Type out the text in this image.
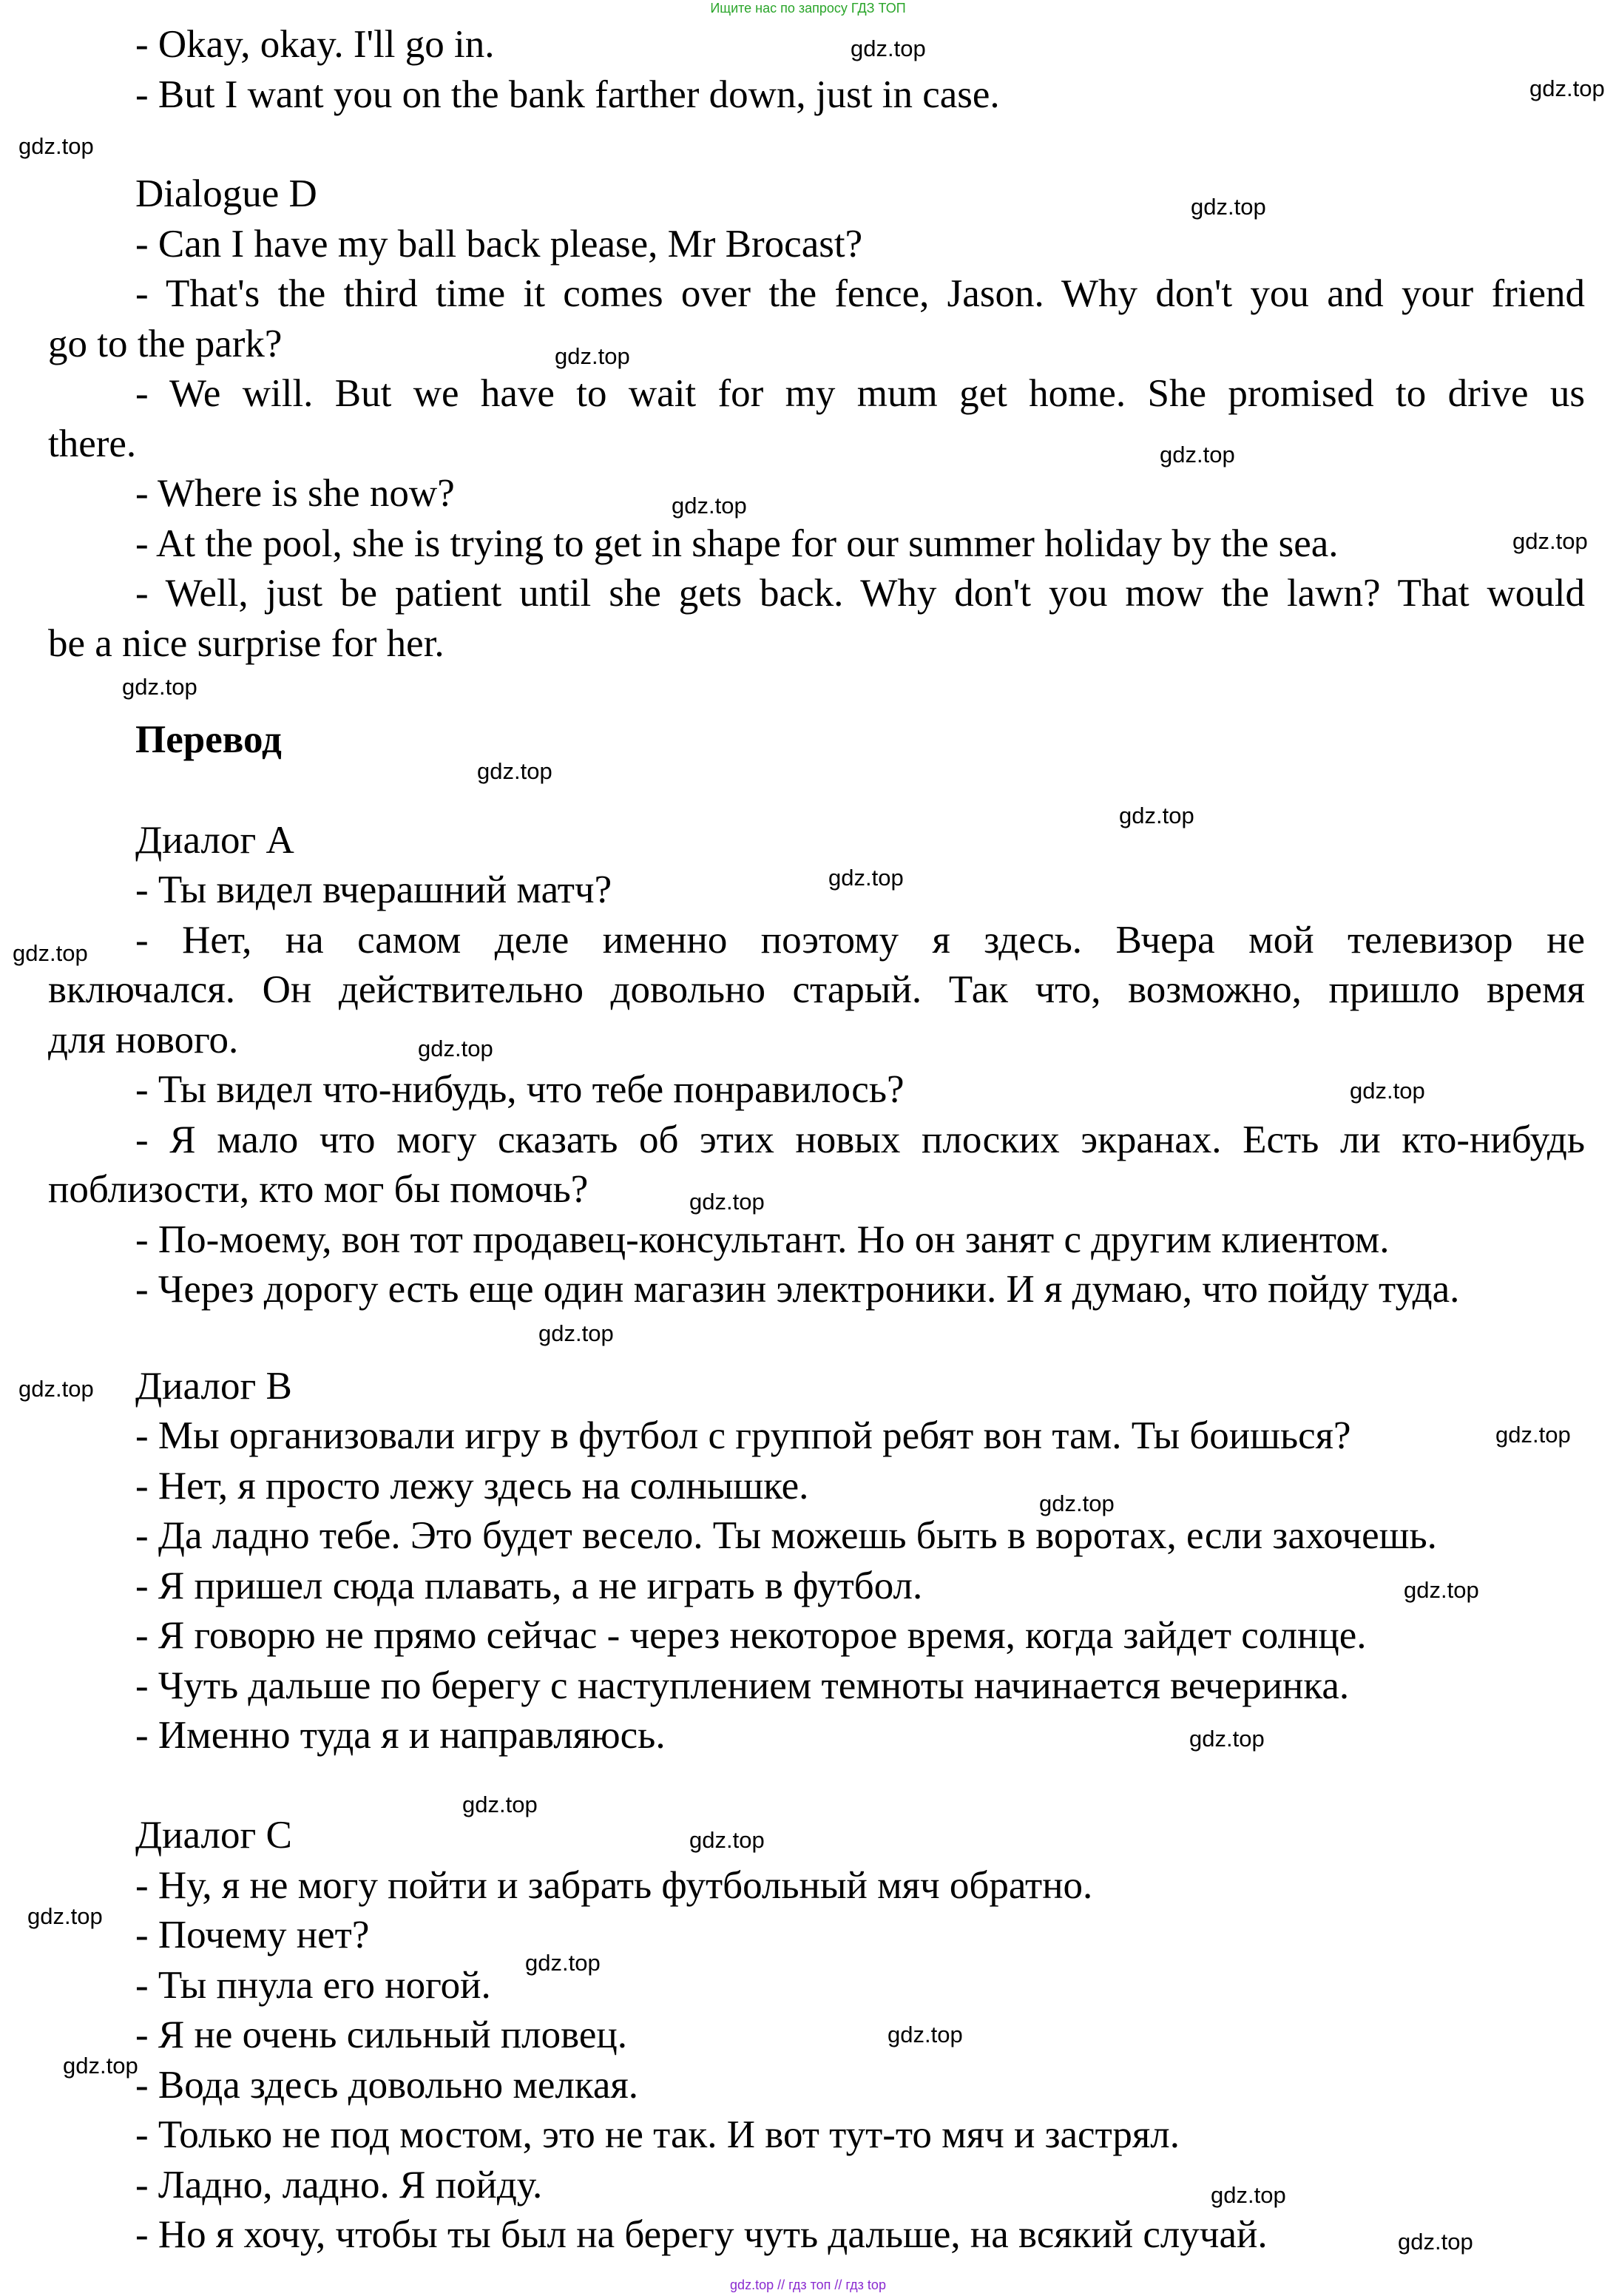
Ищите нас по запросу ГДЗ ТОП
- Okay, okay. I'll go in.
- But I want you on the bank farther down, just in case.
Dialogue D
- Can I have my ball back please, Mr Brocast?
- That's the third time it comes over the fence, Jason. Why don't you and your friend
go to the park?
- We will. But we have to wait for my mum get home. She promised to drive us
there.
- Where is she now?
- At the pool, she is trying to get in shape for our summer holiday by the sea.
- Well, just be patient until she gets back. Why don't you mow the lawn? That would
be a nice surprise for her.
Перевод
Диалог A
- Ты видел вчерашний матч?
- Нет, на самом деле именно поэтому я здесь. Вчера мой телевизор не
включался. Он действительно довольно старый. Так что, возможно, пришло время
для нового.
- Ты видел что-нибудь, что тебе понравилось?
- Я мало что могу сказать об этих новых плоских экранах. Есть ли кто-нибудь
поблизости, кто мог бы помочь?
- По-моему, вон тот продавец-консультант. Но он занят с другим клиентом.
- Через дорогу есть еще один магазин электроники. И я думаю, что пойду туда.
Диалог B
- Мы организовали игру в футбол с группой ребят вон там. Ты боишься?
- Нет, я просто лежу здесь на солнышке.
- Да ладно тебе. Это будет весело. Ты можешь быть в воротах, если захочешь.
- Я пришел сюда плавать, а не играть в футбол.
- Я говорю не прямо сейчас - через некоторое время, когда зайдет солнце.
- Чуть дальше по берегу с наступлением темноты начинается вечеринка.
- Именно туда я и направляюсь.
Диалог C
- Ну, я не могу пойти и забрать футбольный мяч обратно.
- Почему нет?
- Ты пнула его ногой.
- Я не очень сильный пловец.
- Вода здесь довольно мелкая.
- Только не под мостом, это не так. И вот тут-то мяч и застрял.
- Ладно, ладно. Я пойду.
- Но я хочу, чтобы ты был на берегу чуть дальше, на всякий случай.
gdz.top
gdz.top
gdz.top
gdz.top
gdz.top
gdz.top
gdz.top
gdz.top
gdz.top
gdz.top
gdz.top
gdz.top
gdz.top
gdz.top
gdz.top
gdz.top
gdz.top
gdz.top
gdz.top
gdz.top
gdz.top
gdz.top
gdz.top
gdz.top
gdz.top
gdz.top
gdz.top
gdz.top
gdz.top
gdz.top
gdz.top // гдз топ // гдз top
